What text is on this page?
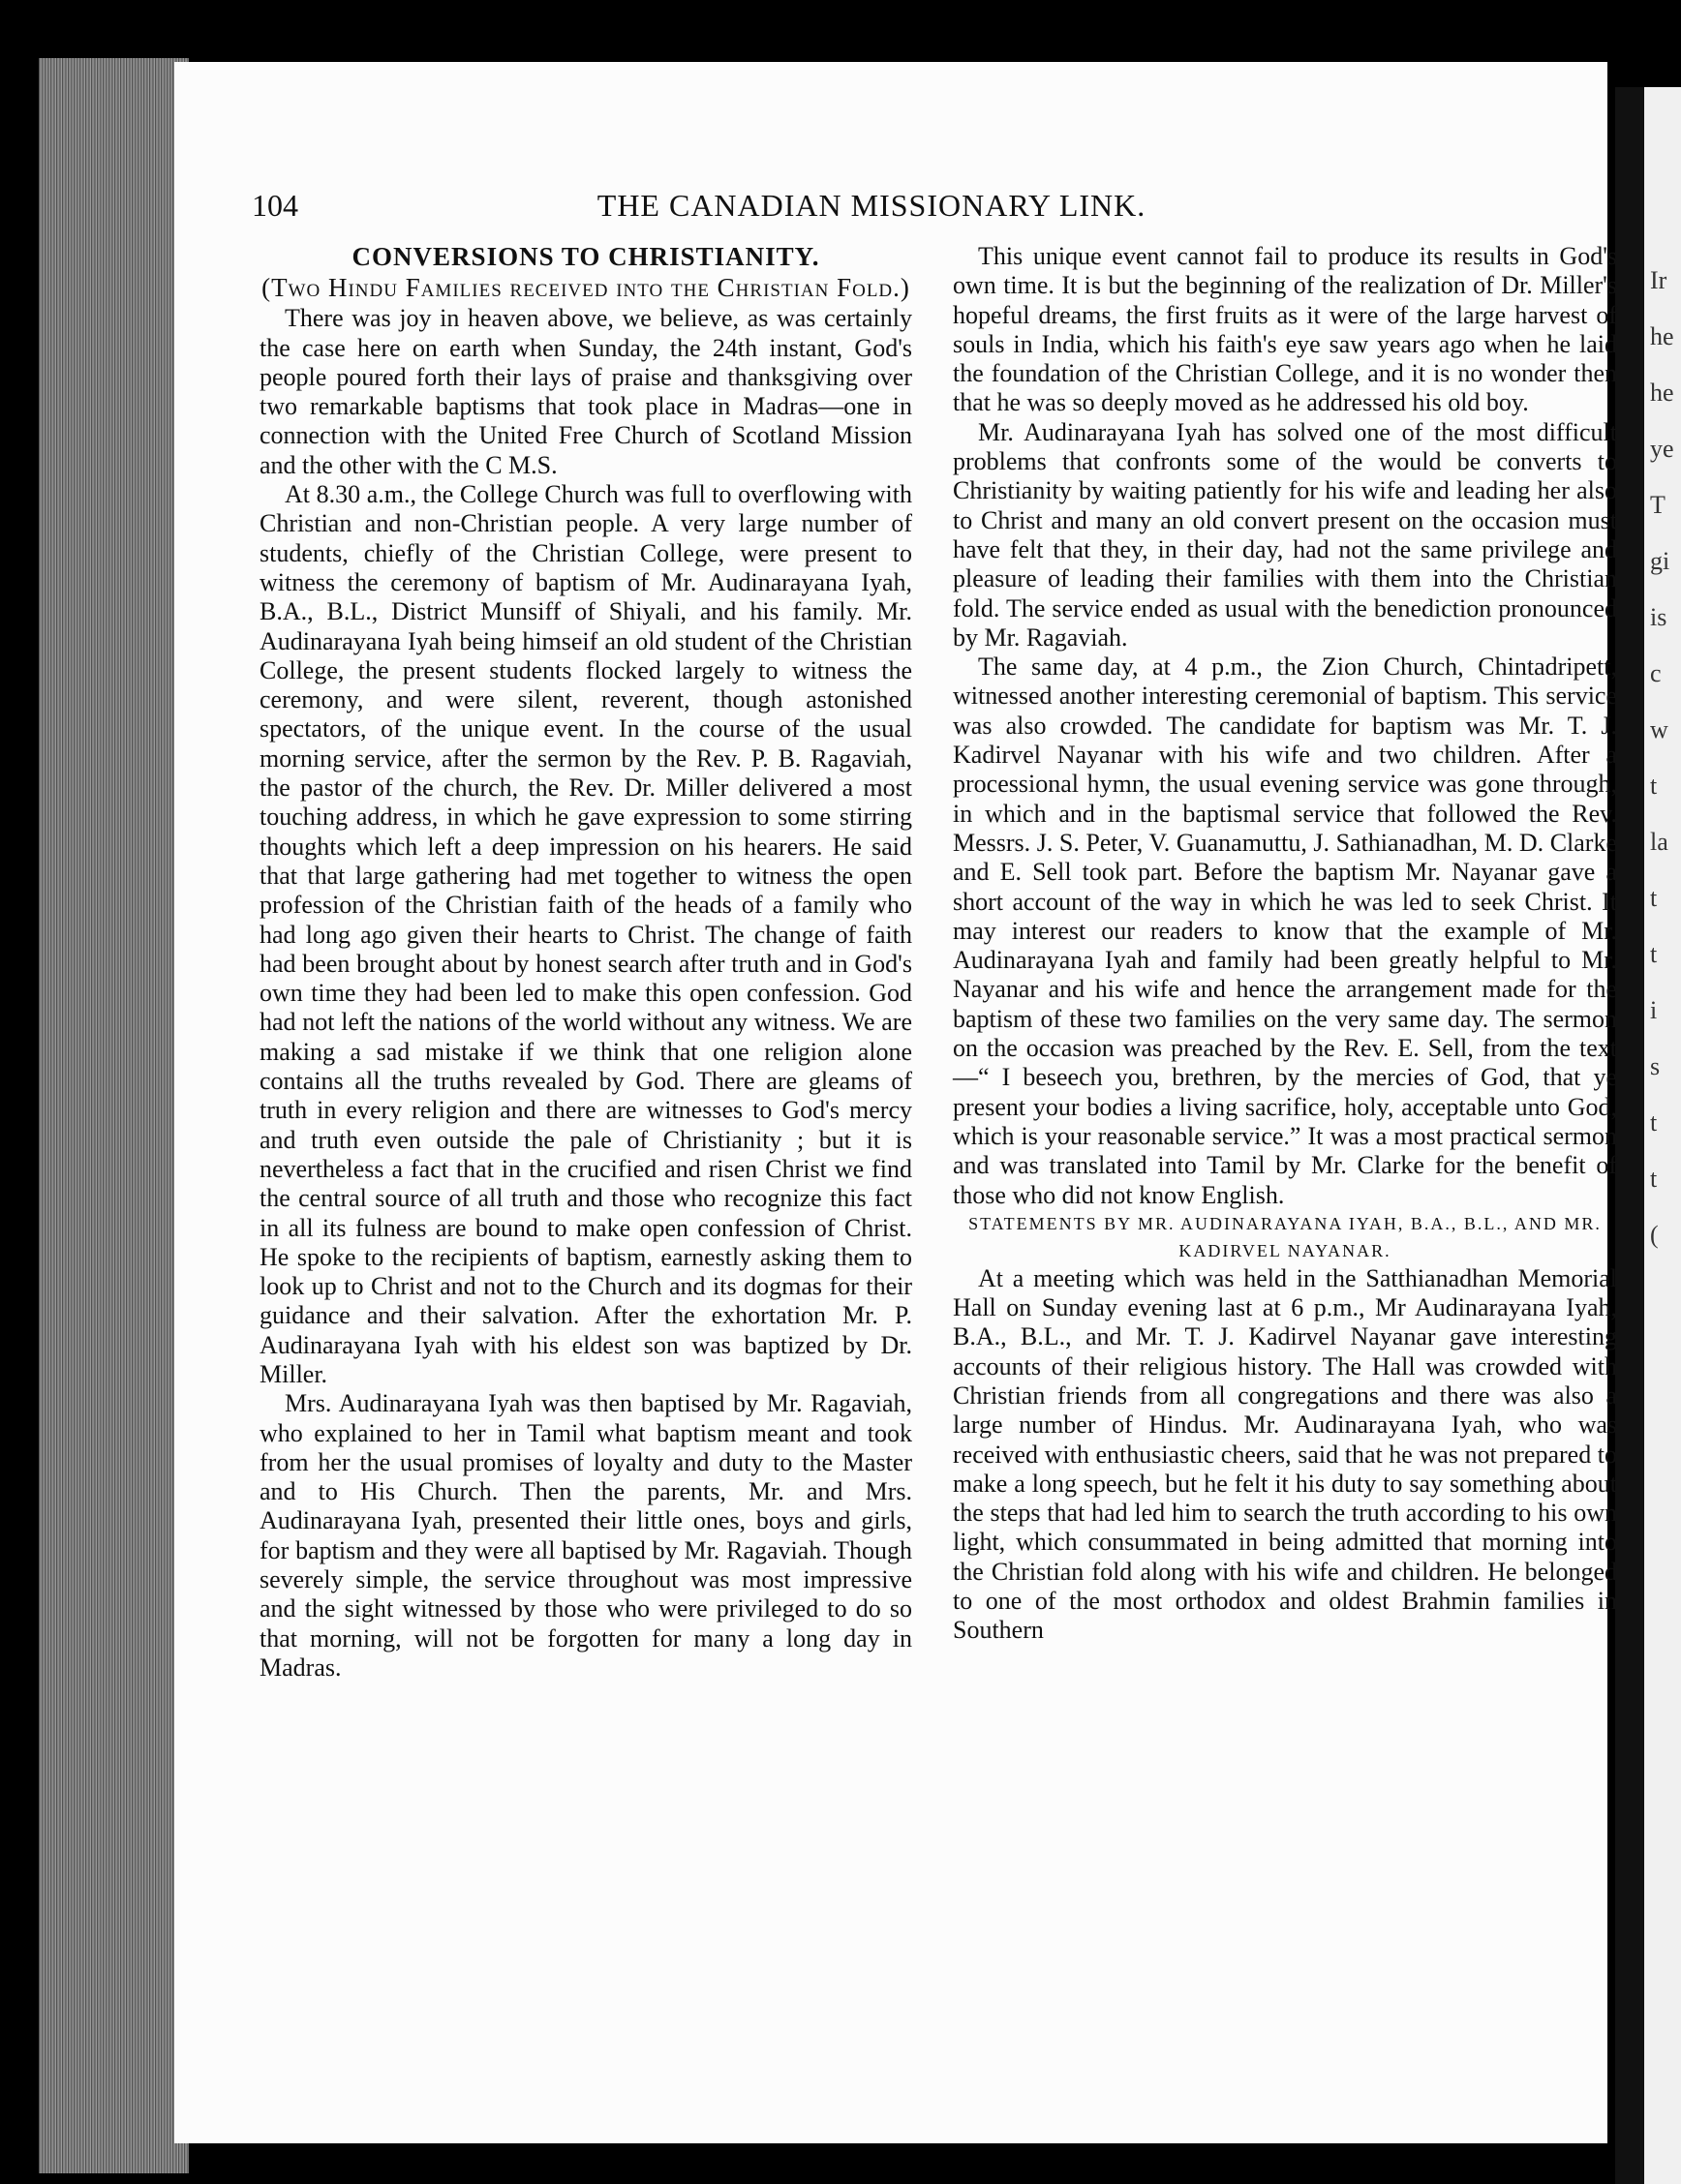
Ir
he
he
ye
T
gi
is
c
w
t
la
t
t
i
s
t
t
(
104	THE CANADIAN MISSIONARY LINK.

CONVERSIONS TO CHRISTIANITY.

(Two Hindu Families received into the Christian Fold.)

There was joy in heaven above, we believe, as was certainly the case here on earth when Sunday, the 24th instant, God's people poured forth their lays of praise and thanksgiving over two remarkable baptisms that took place in Madras—one in connection with the United Free Church of Scotland Mission and the other with the C M.S.

At 8.30 a.m., the College Church was full to overflowing with Christian and non-Christian people. A very large number of students, chiefly of the Christian College, were present to witness the ceremony of baptism of Mr. Audinarayana Iyah, B.A., B.L., District Munsiff of Shiyali, and his family. Mr. Audinarayana Iyah being himseif an old student of the Christian College, the present students flocked largely to witness the ceremony, and were silent, reverent, though astonished spectators, of the unique event. In the course of the usual morning service, after the sermon by the Rev. P. B. Ragaviah, the pastor of the church, the Rev. Dr. Miller delivered a most touching address, in which he gave expression to some stirring thoughts which left a deep impression on his hearers. He said that that large gathering had met together to witness the open profession of the Christian faith of the heads of a family who had long ago given their hearts to Christ. The change of faith had been brought about by honest search after truth and in God's own time they had been led to make this open confession. God had not left the nations of the world without any witness. We are making a sad mistake if we think that one religion alone contains all the truths revealed by God. There are gleams of truth in every religion and there are witnesses to God's mercy and truth even outside the pale of Christianity ; but it is nevertheless a fact that in the crucified and risen Christ we find the central source of all truth and those who recognize this fact in all its fulness are bound to make open confession of Christ. He spoke to the recipients of baptism, earnestly asking them to look up to Christ and not to the Church and its dogmas for their guidance and their salvation. After the exhortation Mr. P. Audinarayana Iyah with his eldest son was baptized by Dr. Miller.

Mrs. Audinarayana Iyah was then baptised by Mr. Ragaviah, who explained to her in Tamil what baptism meant and took from her the usual promises of loyalty and duty to the Master and to His Church. Then the parents, Mr. and Mrs. Audinarayana Iyah, presented their little ones, boys and girls, for baptism and they were all baptised by Mr. Ragaviah. Though severely simple, the service throughout was most impressive and the sight witnessed by those who were privileged to do so that morning, will not be forgotten for many a long day in Madras.

This unique event cannot fail to produce its results in God's own time. It is but the beginning of the realization of Dr. Miller's hopeful dreams, the first fruits as it were of the large harvest of souls in India, which his faith's eye saw years ago when he laid the foundation of the Christian College, and it is no wonder then that he was so deeply moved as he addressed his old boy.

Mr. Audinarayana Iyah has solved one of the most difficult problems that confronts some of the would be converts to Christianity by waiting patiently for his wife and leading her also to Christ and many an old convert present on the occasion must have felt that they, in their day, had not the same privilege and pleasure of leading their families with them into the Christian fold. The service ended as usual with the benediction pronounced by Mr. Ragaviah.

The same day, at 4 p.m., the Zion Church, Chintadripett, witnessed another interesting ceremonial of baptism. This service was also crowded. The candidate for baptism was Mr. T. J. Kadirvel Nayanar with his wife and two children. After a processional hymn, the usual evening service was gone through, in which and in the baptismal service that followed the Rev. Messrs. J. S. Peter, V. Guanamuttu, J. Sathianadhan, M. D. Clarke and E. Sell took part. Before the baptism Mr. Nayanar gave a short account of the way in which he was led to seek Christ. It may interest our readers to know that the example of Mr. Audinarayana Iyah and family had been greatly helpful to Mr. Nayanar and his wife and hence the arrangement made for the baptism of these two families on the very same day. The sermon on the occasion was preached by the Rev. E. Sell, from the text—“ I beseech you, brethren, by the mercies of God, that ye present your bodies a living sacrifice, holy, acceptable unto God, which is your reasonable service.” It was a most practical sermon and was translated into Tamil by Mr. Clarke for the benefit of those who did not know English.

STATEMENTS BY MR. AUDINARAYANA IYAH, B.A., B.L., AND MR. KADIRVEL NAYANAR.

At a meeting which was held in the Satthianadhan Memorial Hall on Sunday evening last at 6 p.m., Mr Audinarayana Iyah, B.A., B.L., and Mr. T. J. Kadirvel Nayanar gave interesting accounts of their religious history. The Hall was crowded with Christian friends from all congregations and there was also a large number of Hindus. Mr. Audinarayana Iyah, who was received with enthusiastic cheers, said that he was not prepared to make a long speech, but he felt it his duty to say something about the steps that had led him to search the truth according to his own light, which consummated in being admitted that morning into the Christian fold along with his wife and children. He belonged to one of the most orthodox and oldest Brahmin families in Southern
